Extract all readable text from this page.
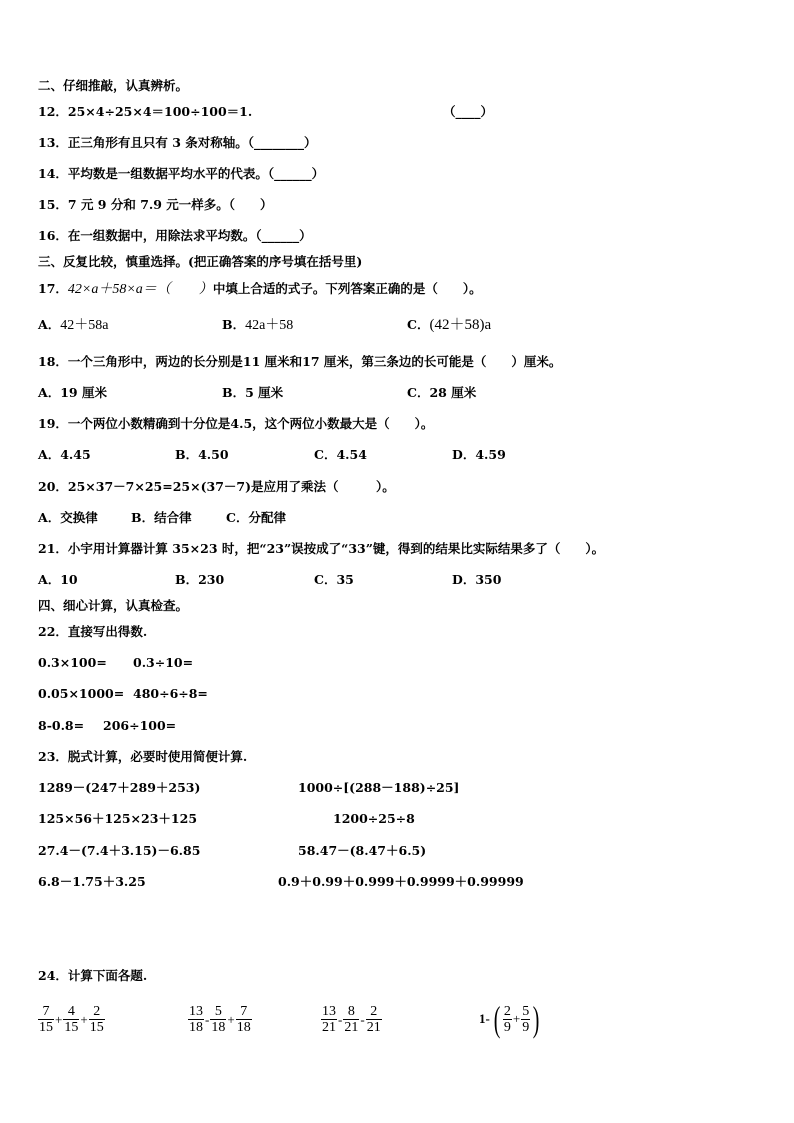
二、仔细推敲，认真辨析。
12．25×4÷25×4＝100÷100＝1.	（____）
13．正三角形有且只有 3 条对称轴。（________）
14．平均数是一组数据平均水平的代表。（______）
15．7 元 9 分和 7.9 元一样多。（　　）
16．在一组数据中，用除法求平均数。（______）
三、反复比较，慎重选择。(把正确答案的序号填在括号里)
17．42×a＋58×a＝（　　）中填上合适的式子。下列答案正确的是（　　）。
A．42＋58a	B．42a＋58	C．(42＋58)a
18．一个三角形中，两边的长分别是11 厘米和17 厘米，第三条边的长可能是（　　）厘米。
A．19 厘米	B．5 厘米	C．28 厘米
19．一个两位小数精确到十分位是4.5，这个两位小数最大是（　　）。
A．4.45	B．4.50	C．4.54	D．4.59
20．25×37－7×25=25×(37－7)是应用了乘法（　　　）。
A．交换律	B．结合律	C．分配律
21．小宇用计算器计算 35×23 时，把“23”误按成了“33”键，得到的结果比实际结果多了（　　）。
A．10	B．230	C．35	D．350
四、细心计算，认真检查。
22．直接写出得数.
0.3×100= 0.3÷10=
0.05×1000= 480÷6÷8=
8-0.8= 206÷100=
23．脱式计算，必要时使用简便计算.
1289－(247＋289＋253)	1000÷[(288－188)÷25]
125×56＋125×23＋125	1200÷25÷8
27.4－(7.4＋3.15)－6.85	58.47－(8.47＋6.5)
6.8－1.75＋3.25	0.9＋0.99＋0.999＋0.9999＋0.99999
24．计算下面各题.
$\frac{7}{15} + \frac{4}{15} + \frac{2}{15}$	$\frac{13}{18} - \frac{5}{18} + \frac{7}{18}$	$\frac{13}{21} - \frac{8}{21} - \frac{2}{21}$	1- ( $\frac{2}{9} + \frac{5}{9}$ )
